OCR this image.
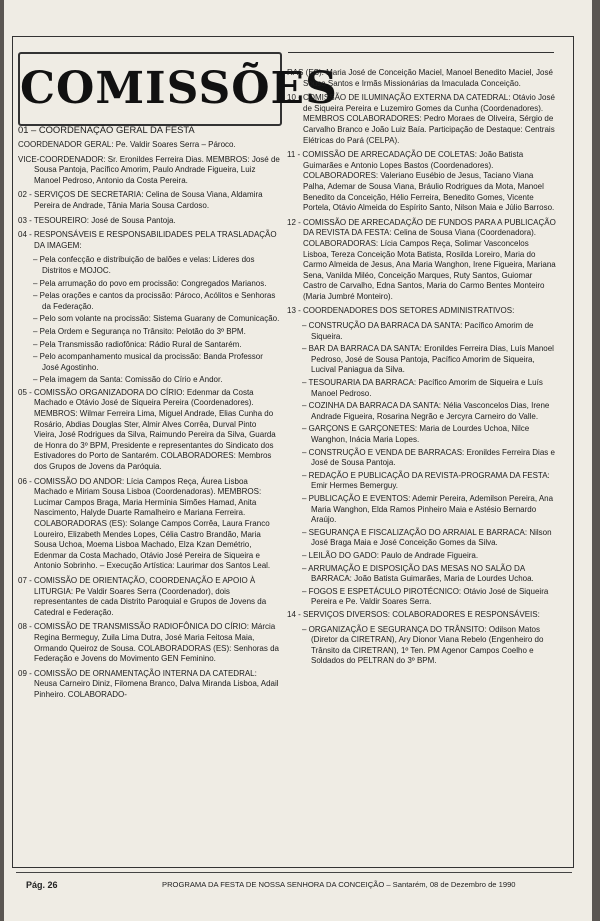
COMISSÕES
01 – COORDENAÇÃO GERAL DA FESTA
COORDENADOR GERAL: Pe. Valdir Soares Serra – Pároco.
VICE-COORDENADOR: Sr. Eronildes Ferreira Dias. MEMBROS: José de Sousa Pantoja, Pacífico Amorim, Paulo Andrade Figueira, Luiz Manoel Pedroso, Antonio da Costa Pereira.
02 - SERVIÇOS DE SECRETARIA: Celina de Sousa Viana, Aldamira Pereira de Andrade, Tânia Maria Sousa Cardoso.
03 - TESOUREIRO: José de Sousa Pantoja.
04 - RESPONSÁVEIS E RESPONSABILIDADES PELA TRASLADAÇÃO DA IMAGEM:
– Pela confecção e distribuição de balões e velas: Líderes dos Distritos e MOJOC.
– Pela arrumação do povo em procissão: Congregados Marianos.
– Pelas orações e cantos da procissão: Pároco, Acólitos e Senhoras da Federação.
– Pelo som volante na procissão: Sistema Guarany de Comunicação.
– Pela Ordem e Segurança no Trânsito: Pelotão do 3º BPM.
– Pela Transmissão radiofônica: Rádio Rural de Santarém.
– Pelo acompanhamento musical da procissão: Banda Professor José Agostinho.
– Pela imagem da Santa: Comissão do Círio e Andor.
05 - COMISSÃO ORGANIZADORA DO CÍRIO: Edenmar da Costa Machado e Otávio José de Siqueira Pereira (Coordenadores). MEMBROS: Wilmar Ferreira Lima, Miguel Andrade, Elias Cunha do Rosário, Abdias Douglas Ster, Almir Alves Corrêa, Durval Pinto Vieira, José Rodrigues da Silva, Raimundo Pereira da Silva, Guarda de Honra do 3º BPM, Presidente e representantes do Sindicato dos Estivadores do Porto de Santarém. COLABORADORES: Membros dos Grupos de Jovens da Paróquia.
06 - COMISSÃO DO ANDOR: Lícia Campos Reça, Áurea Lisboa Machado e Miriam Sousa Lisboa (Coordenadoras). MEMBROS: Lucimar Campos Braga, Maria Hermínia Simões Hamad, Anita Nascimento, Halyde Duarte Ramalheiro e Mariana Ferreira. COLABORADORAS (ES): Solange Campos Corrêa, Laura Franco Loureiro, Elizabeth Mendes Lopes, Célia Castro Brandão, Maria Sousa Uchoa, Moema Lisboa Machado, Elza Kzan Demétrio, Edenmar da Costa Machado, Otávio José Pereira de Siqueira e Antonio Sobrinho. – Execução Artística: Laurimar dos Santos Leal.
07 - COMISSÃO DE ORIENTAÇÃO, COORDENAÇÃO E APOIO À LITURGIA: Pe Valdir Soares Serra (Coordenador), dois representantes de cada Distrito Paroquial e Grupos de Jovens da Catedral e Federação.
08 - COMISSÃO DE TRANSMISSÃO RADIOFÔNICA DO CÍRIO: Márcia Regina Bermeguy, Zuila Lima Dutra, José Maria Feitosa Maia, Ormando Queiroz de Sousa. COLABORADORAS (ES): Senhoras da Federação e Jovens do Movimento GEN Feminino.
09 - COMISSÃO DE ORNAMENTAÇÃO INTERNA DA CATEDRAL: Neusa Carneiro Diniz, Filomena Branco, Dalva Miranda Lisboa, Adail Pinheiro. COLABORADO-
RAS (ES): Maria José de Conceição Maciel, Manoel Benedito Maciel, José Sousa Santos e Irmãs Missionárias da Imaculada Conceição.
10 - COMISSÃO DE ILUMINAÇÃO EXTERNA DA CATEDRAL: Otávio José de Siqueira Pereira e Luzemiro Gomes da Cunha (Coordenadores). MEMBROS COLABORADORES: Pedro Moraes de Oliveira, Sérgio de Carvalho Branco e João Luiz Baía. Participação de Destaque: Centrais Elétricas do Pará (CELPA).
11 - COMISSÃO DE ARRECADAÇÃO DE COLETAS: João Batista Guimarães e Antonio Lopes Bastos (Coordenadores). COLABORADORES: Valeriano Eusébio de Jesus, Taciano Viana Palha, Ademar de Sousa Viana, Bráulio Rodrigues da Mota, Manoel Benedito da Conceição, Hélio Ferreira, Benedito Gomes, Vicente Portela, Otávio Almeida do Espírito Santo, Nilson Maia e Júlio Barroso.
12 - COMISSÃO DE ARRECADAÇÃO DE FUNDOS PARA A PUBLICAÇÃO DA REVISTA DA FESTA: Celina de Sousa Viana (Coordenadora). COLABORADORAS: Lícia Campos Reça, Solimar Vasconcelos Lisboa, Tereza Conceição Mota Batista, Rosilda Loreiro, Maria do Carmo Almeida de Jesus, Ana Maria Wanghon, Irene Figueira, Mariana Sena, Vanilda Miléo, Conceição Marques, Ruty Santos, Guiomar Castro de Carvalho, Edna Santos, Maria do Carmo Bentes Monteiro (Maria Jumbré Monteiro).
13 - COORDENADORES DOS SETORES ADMINISTRATIVOS:
– CONSTRUÇÃO DA BARRACA DA SANTA: Pacífico Amorim de Siqueira.
– BAR DA BARRACA DA SANTA: Eronildes Ferreira Dias, Luís Manoel Pedroso, José de Sousa Pantoja, Pacífico Amorim de Siqueira, Lucival Paniagua da Silva.
– TESOURARIA DA BARRACA: Pacífico Amorim de Siqueira e Luís Manoel Pedroso.
– COZINHA DA BARRACA DA SANTA: Nélia Vasconcelos Dias, Irene Andrade Figueira, Rosarina Negrão e Jercyra Carneiro do Valle.
– GARÇONS E GARÇONETES: Maria de Lourdes Uchoa, Nilce Wanghon, Inácia Maria Lopes.
– CONSTRUÇÃO E VENDA DE BARRACAS: Eronildes Ferreira Dias e José de Sousa Pantoja.
– REDAÇÃO E PUBLICAÇÃO DA REVISTA-PROGRAMA DA FESTA: Emir Hermes Bemerguy.
– PUBLICAÇÃO E EVENTOS: Ademir Pereira, Ademilson Pereira, Ana Maria Wanghon, Elda Ramos Pinheiro Maia e Astésio Bernardo Araújo.
– SEGURANÇA E FISCALIZAÇÃO DO ARRAIAL E BARRACA: Nilson José Braga Maia e José Conceição Gomes da Silva.
– LEILÃO DO GADO: Paulo de Andrade Figueira.
– ARRUMAÇÃO E DISPOSIÇÃO DAS MESAS NO SALÃO DA BARRACA: João Batista Guimarães, Maria de Lourdes Uchoa.
– FOGOS E ESPETÁCULO PIROTÉCNICO: Otávio José de Siqueira Pereira e Pe. Valdir Soares Serra.
14 - SERVIÇOS DIVERSOS: COLABORADORES E RESPONSÁVEIS:
– ORGANIZAÇÃO E SEGURANÇA DO TRÂNSITO: Odilson Matos (Diretor da CIRETRAN), Ary Dionor Viana Rebelo (Engenheiro do Trânsito da CIRETRAN), 1º Ten. PM Agenor Campos Coelho e Soldados do PELTRAN do 3º BPM.
Pág. 26	PROGRAMA DA FESTA DE NOSSA SENHORA DA CONCEIÇÃO – Santarém, 08 de Dezembro de 1990
